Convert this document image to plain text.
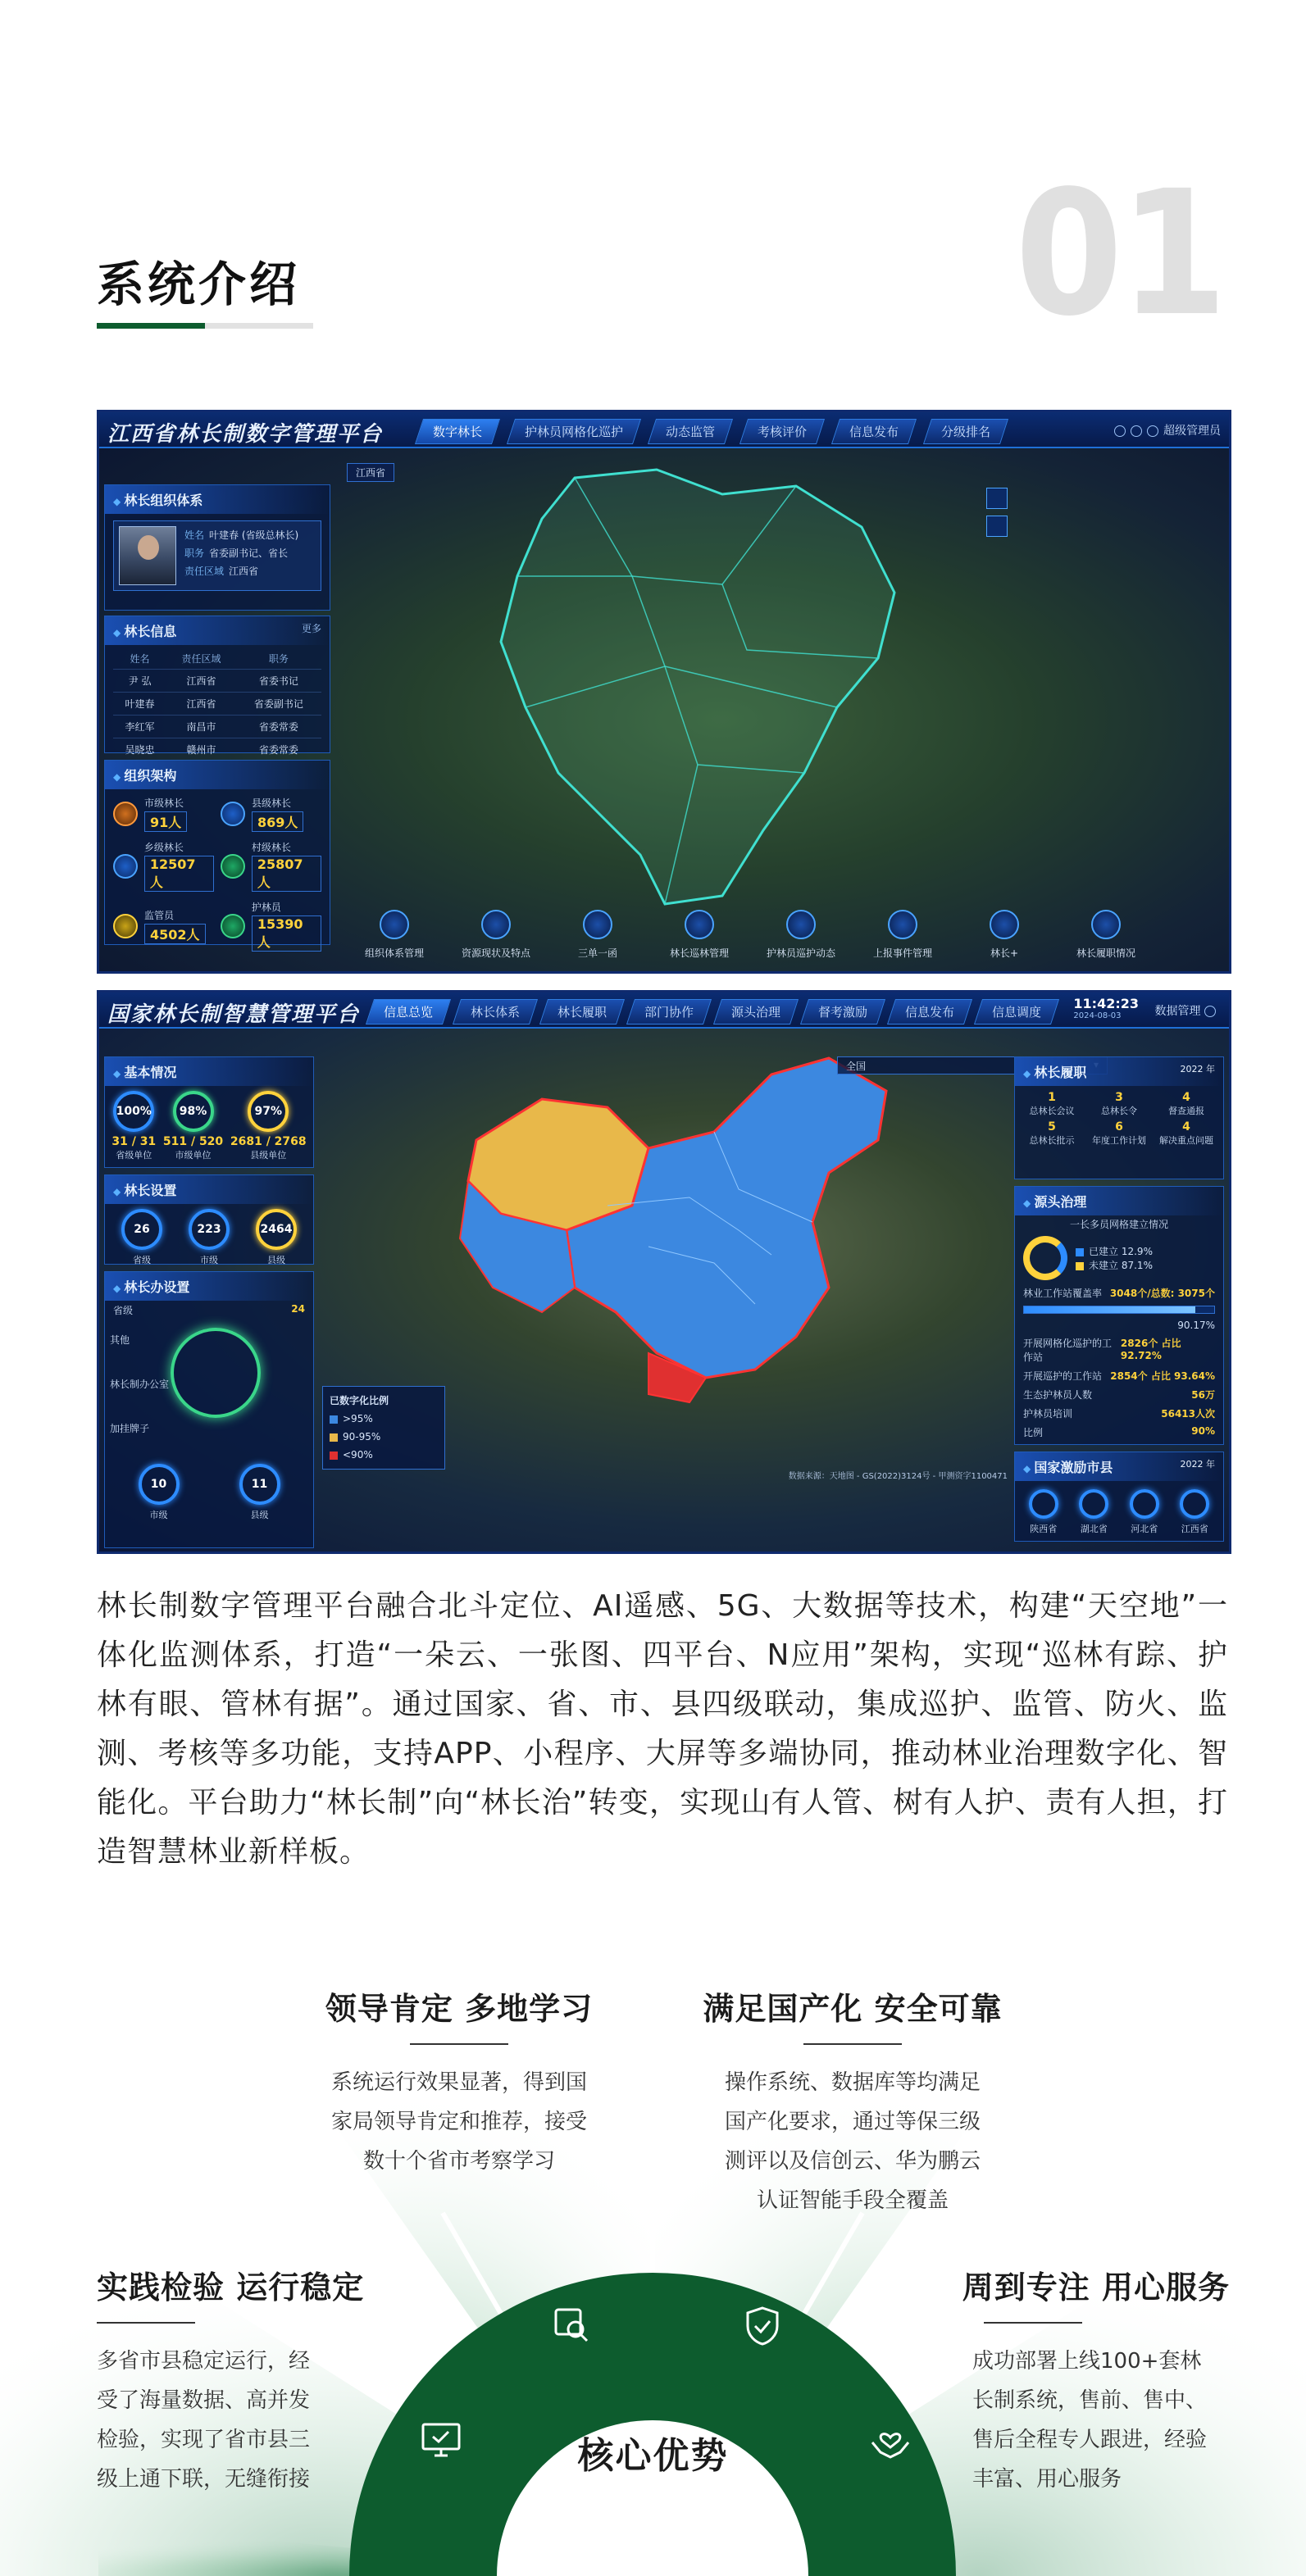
系统介绍	01
江西省林长制数字管理平台	数字林长	护林员网格化巡护	动态监管	考核评价	信息发布	分级排名	超级管理员
江西省
◆ 林长组织体系

姓名 叶建春 (省级总林长)

职务 省委副书记、省长

责任区域 江西省

◆ 林长信息	更多
姓名	责任区域	职务
尹 弘	江西省	省委书记
叶建春	江西省	省委副书记
李红军	南昌市	省委常委
吴晓忠	赣州市	省委常委
◆ 组织架构
市级林长
91人
县级林长
869人
乡级林长
12507人
村级林长
25807人
监管员
4502人
护林员
15390人
组织体系管理	资源现状及特点	三单一函	林长巡林管理	护林员巡护动态	上报事件管理	林长+	林长履职情况
国家林长制智慧管理平台	信息总览	林长体系	林长履职	部门协作	源头治理	督考激励	信息发布	信息调度
11:42:23
2024-08-03	数据管理
全国
◆ 基本情况
100%
31 / 31
省级单位
98%
511 / 520
市级单位
97%
2681 / 2768
县级单位
◆ 林长设置
26
省级
223
市级
2464
县级
◆ 林长办设置
省级	24
其他
林长制办公室
加挂牌子
10
市级
11
县级

已数字化比例

>95%

90-95%

<90%

数据来源：天地图 - GS(2022)3124号 - 甲测资字1100471
◆ 林长履职	2022 年
1
总林长会议
3
总林长令
4
督查通报
5
总林长批示
6
年度工作计划
4
解决重点问题
◆ 源头治理
一长多员网格建立情况
已建立 12.9%
未建立 87.1%
林业工作站覆盖率 3048个/总数: 3075个
90.17%
开展网格化巡护的工作站
2826个 占比 92.72%
开展巡护的工作站 2854个 占比 93.64%
生态护林员人数	56万
护林员培训	56413人次
比例	90%
◆ 国家激励市县	2022 年
陕西省	湖北省	河北省	江西省
林长制数字管理平台融合北斗定位、AI遥感、5G、大数据等技术，构建“天空地”一体化监测体系，打造“一朵云、一张图、四平台、N应用”架构，实现“巡林有踪、护林有眼、管林有据”。通过国家、省、市、县四级联动，集成巡护、监管、防火、监测、考核等多功能，支持APP、小程序、大屏等多端协同，推动林业治理数字化、智能化。平台助力“林长制”向“林长治”转变，实现山有人管、树有人护、责有人担，打造智慧林业新样板。
领导肯定 多地学习
系统运行效果显著，得到国
家局领导肯定和推荐，接受
数十个省市考察学习
满足国产化 安全可靠
操作系统、数据库等均满足
国产化要求，通过等保三级
测评以及信创云、华为鹏云
认证智能手段全覆盖
实践检验 运行稳定
多省市县稳定运行，经
受了海量数据、高并发
检验，实现了省市县三
级上通下联，无缝衔接
周到专注 用心服务
成功部署上线100+套林
长制系统，售前、售中、
售后全程专人跟进，经验
丰富、用心服务
核心优势
